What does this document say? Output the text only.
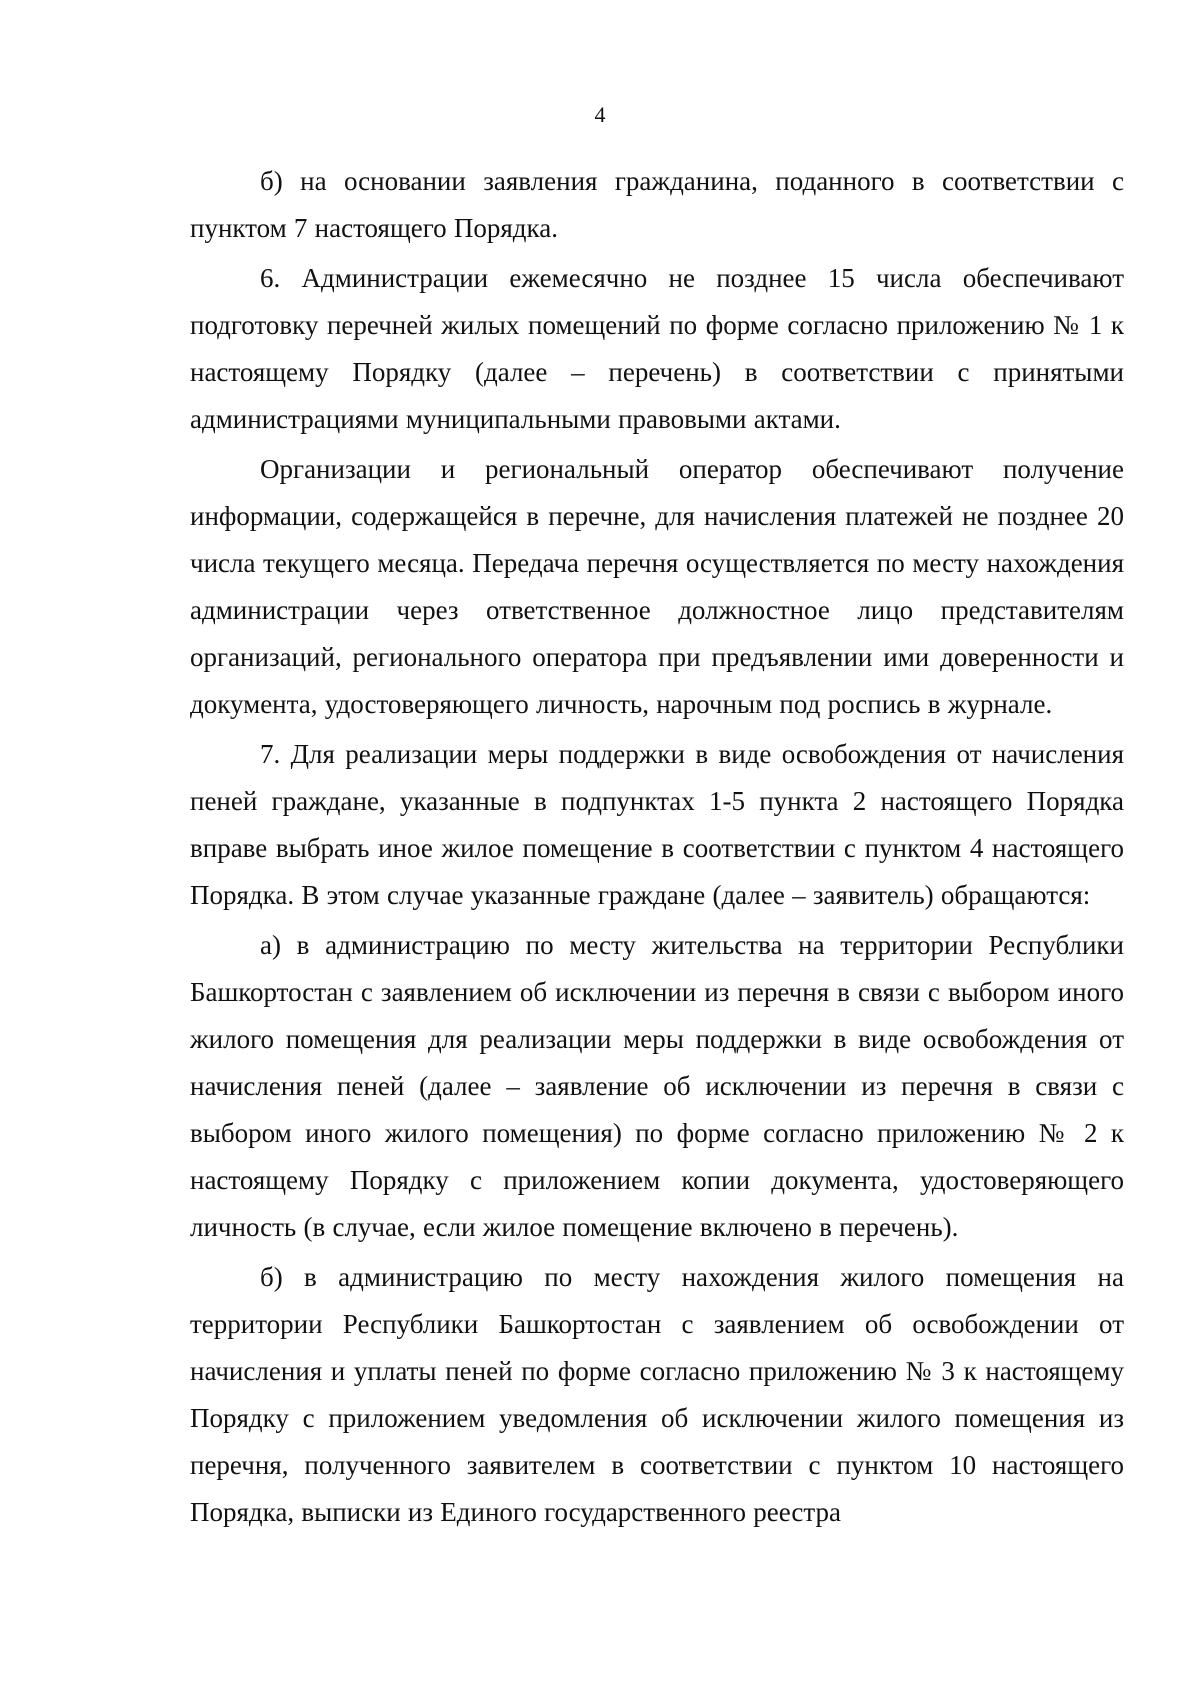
4

б) на основании заявления гражданина, поданного в соответствии с пунктом 7 настоящего Порядка.

6. Администрации ежемесячно не позднее 15 числа обеспечивают подготовку перечней жилых помещений по форме согласно приложению № 1 к настоящему Порядку (далее – перечень) в соответствии с принятыми администрациями муниципальными правовыми актами.

Организации и региональный оператор обеспечивают получение информации, содержащейся в перечне, для начисления платежей не позднее 20 числа текущего месяца. Передача перечня осуществляется по месту нахождения администрации через ответственное должностное лицо представителям организаций, регионального оператора при предъявлении ими доверенности и документа, удостоверяющего личность, нарочным под роспись в журнале.

7. Для реализации меры поддержки в виде освобождения от начисления пеней граждане, указанные в подпунктах 1-5 пункта 2 настоящего Порядка вправе выбрать иное жилое помещение в соответствии с пунктом 4 настоящего Порядка. В этом случае указанные граждане (далее – заявитель) обращаются:

а) в администрацию по месту жительства на территории Республики Башкортостан с заявлением об исключении из перечня в связи с выбором иного жилого помещения для реализации меры поддержки в виде освобождения от начисления пеней (далее – заявление об исключении из перечня в связи с выбором иного жилого помещения) по форме согласно приложению № 2 к настоящему Порядку с приложением копии документа, удостоверяющего личность (в случае, если жилое помещение включено в перечень).

б) в администрацию по месту нахождения жилого помещения на территории Республики Башкортостан с заявлением об освобождении от начисления и уплаты пеней по форме согласно приложению № 3 к настоящему Порядку с приложением уведомления об исключении жилого помещения из перечня, полученного заявителем в соответствии с пунктом 10 настоящего Порядка, выписки из Единого государственного реестра
